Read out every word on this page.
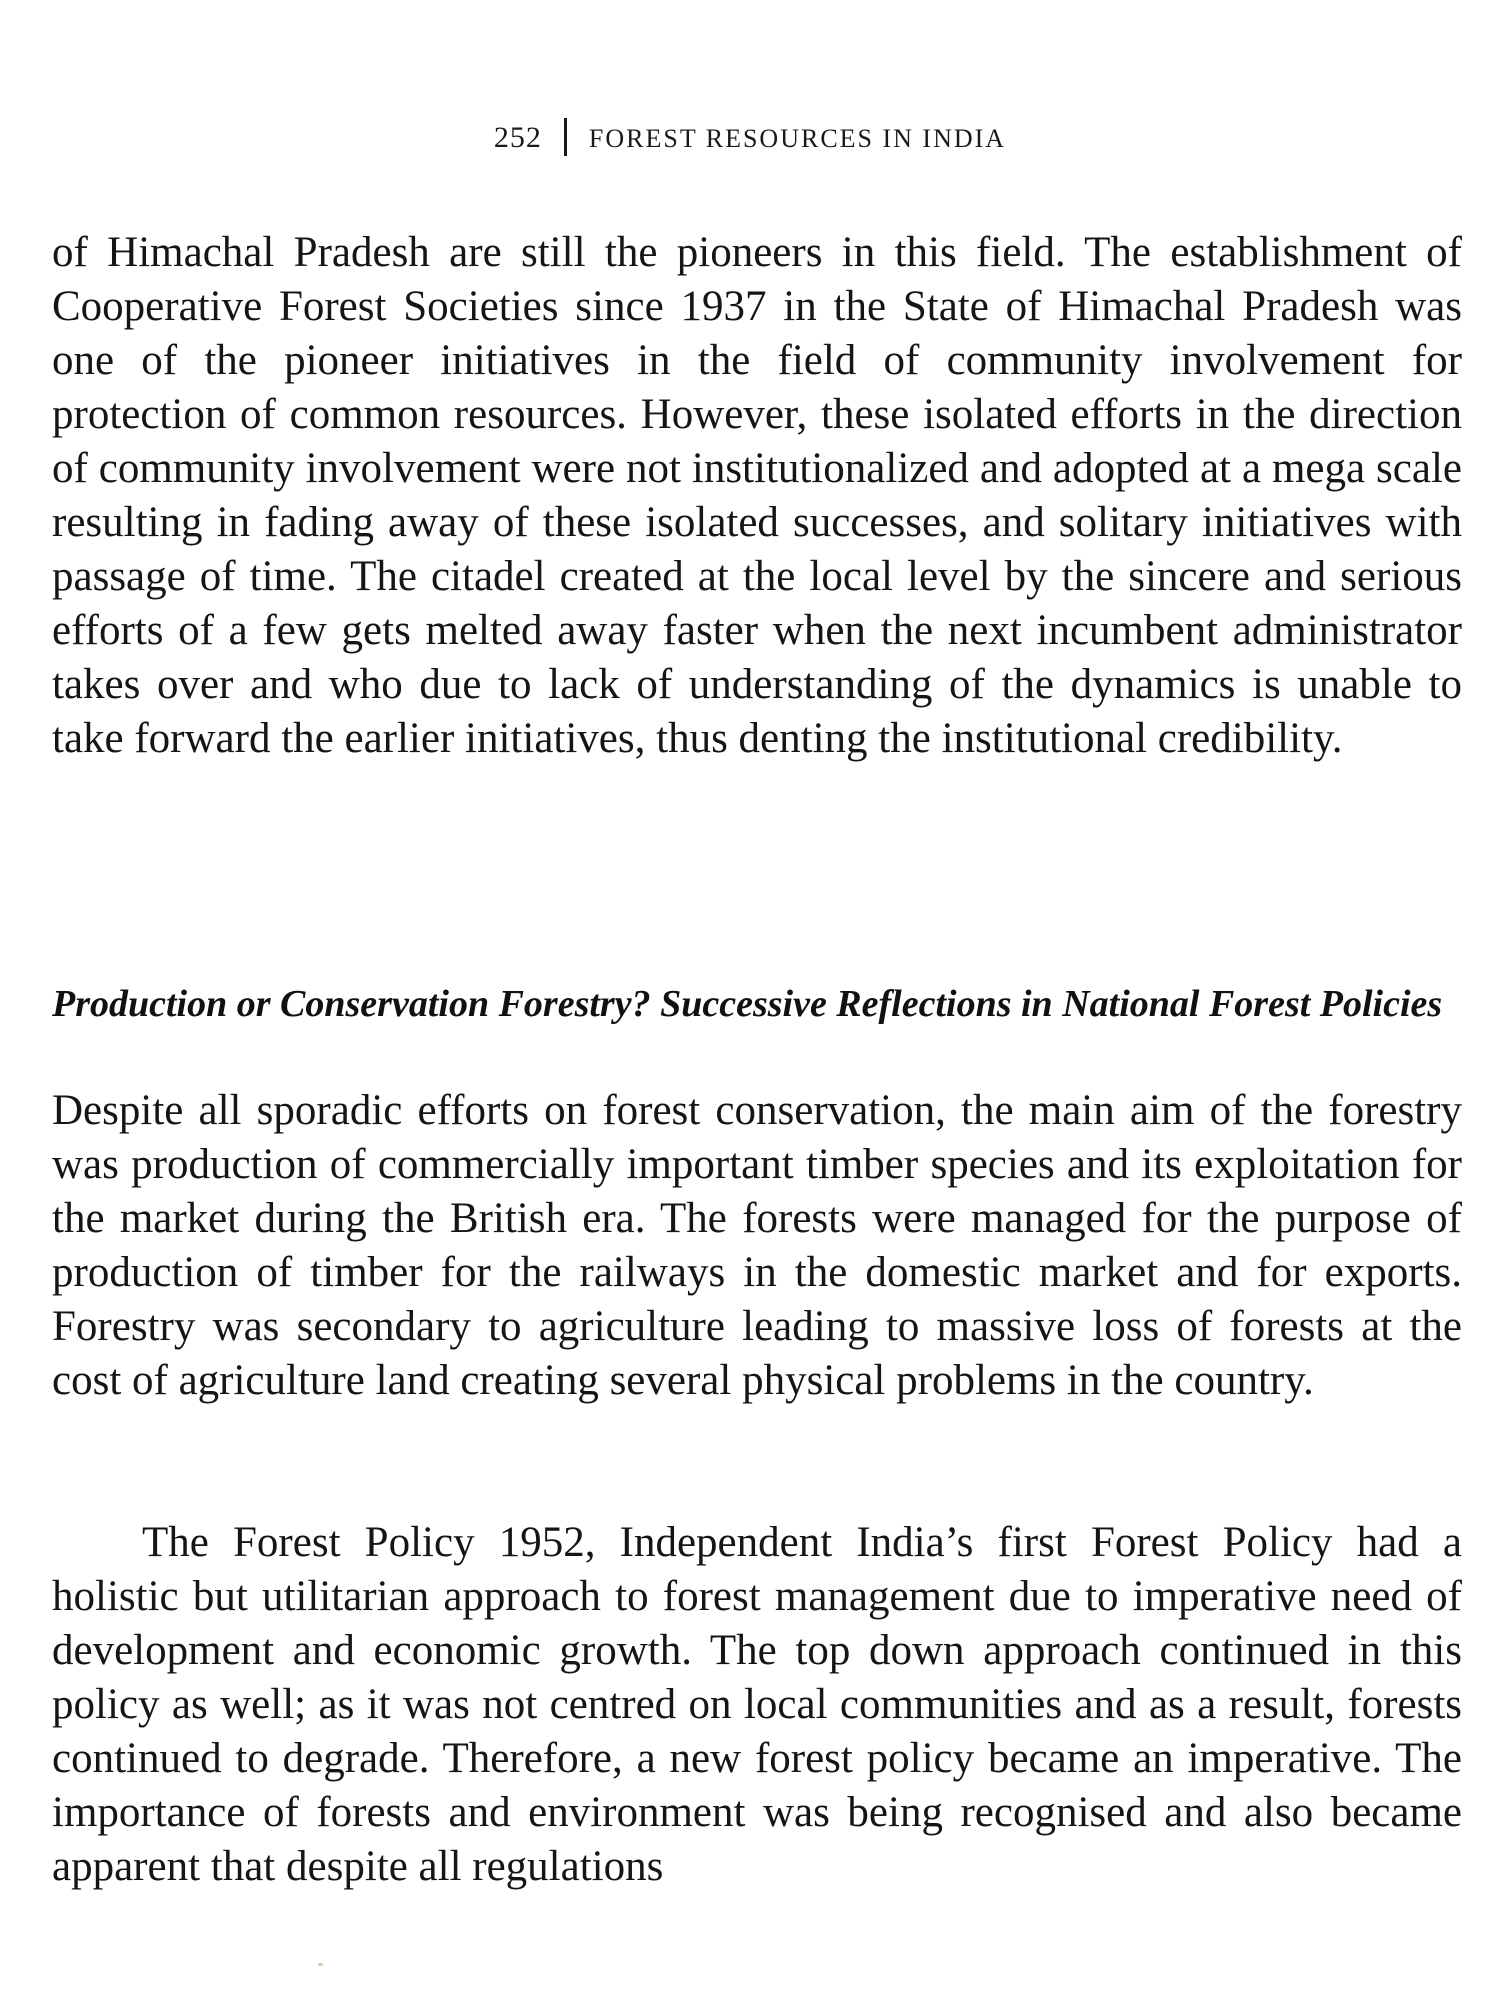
252 FOREST RESOURCES IN INDIA

of Himachal Pradesh are still the pioneers in this field. The establishment of Cooperative Forest Societies since 1937 in the State of Himachal Pradesh was one of the pioneer initiatives in the field of community involvement for protection of common resources. However, these isolated efforts in the direction of community involvement were not institutionalized and adopted at a mega scale resulting in fading away of these isolated successes, and solitary initiatives with passage of time. The citadel created at the local level by the sincere and serious efforts of a few gets melted away faster when the next incumbent administrator takes over and who due to lack of understanding of the dynamics is unable to take forward the earlier initiatives, thus denting the institutional credibility.

Production or Conservation Forestry? Successive Reflections in National Forest Policies

Despite all sporadic efforts on forest conservation, the main aim of the forestry was production of commercially important timber species and its exploitation for the market during the British era. The forests were managed for the purpose of production of timber for the railways in the domestic market and for exports. Forestry was secondary to agriculture leading to massive loss of forests at the cost of agriculture land creating several physical problems in the country.

The Forest Policy 1952, Independent India’s first Forest Policy had a holistic but utilitarian approach to forest management due to imperative need of development and economic growth. The top down approach continued in this policy as well; as it was not centred on local communities and as a result, forests continued to degrade. Therefore, a new forest policy became an imperative. The importance of forests and environment was being recognised and also became apparent that despite all regulations
